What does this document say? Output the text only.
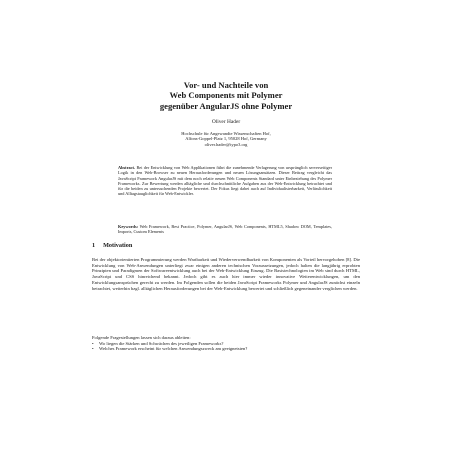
Vor- und Nachteile von
Web Components mit Polymer
gegenüber AngularJS ohne Polymer
Oliver Hader
Hochschule für Angewandte Wissenschaften Hof,
Alfons-Goppel-Platz 1, 95028 Hof, Germany
oliver.hader@typo3.org
Abstract. Bei der Entwicklung von Web Applikationen führt die zunehmende Verlagerung von ursprünglich serverseitiger Logik in den Web-Browser zu neuen Herausforderungen und neuen Lösungsansätzen. Dieser Beitrag vergleicht das JavaScript Framework AngularJS mit dem noch relativ neuen Web Components Standard unter Einbeziehung des Polymer Frameworks. Zur Bewertung werden alltägliche und durchschnittliche Aufgaben aus der Web-Entwicklung betrachtet und für die beiden zu untersuchenden Projekte bewertet. Der Fokus liegt dabei auch auf Individualisierbarkeit, Verlässlichkeit und Alltagstauglichkeit für Web-Entwickler.
Keywords: Web Framework, Best Practice, Polymer, AngularJS, Web Components, HTML5, Shadow DOM, Templates, Imports, Custom Elements
1 Motivation
Bei der objektorientierten Programmierung werden Wartbarkeit und Wiederverwendbarkeit von Komponenten als Vorteil hervorgehoben [8]. Die Entwicklung von Web-Anwendungen unterliegt zwar einigen anderen technischen Voraussetzungen, jedoch halten die langjährig erprobten Prinzipien und Paradigmen der Softwareentwicklung auch bei der Web-Entwicklung Einzug. Die Basistechnologien im Web sind durch HTML, JavaScript und CSS hinreichend bekannt. Jedoch gibt es auch hier immer wieder innovative Weiterentwicklungen, um den Entwicklungsansprüchen gerecht zu werden. Im Folgenden sollen die beiden JavaScript Frameworks Polymer und AngularJS zunächst einzeln betrachtet, weiterhin bzgl. alltäglichen Herausforderungen bei der Web-Entwicklung bewertet und schließlich gegeneinander verglichen werden.
Folgende Fragestellungen lassen sich daraus ableiten:
• Wo liegen die Stärken und Schwächen des jeweiligen Frameworks?
• Welches Framework erscheint für welchen Anwendungszweck am geeignetsten?
